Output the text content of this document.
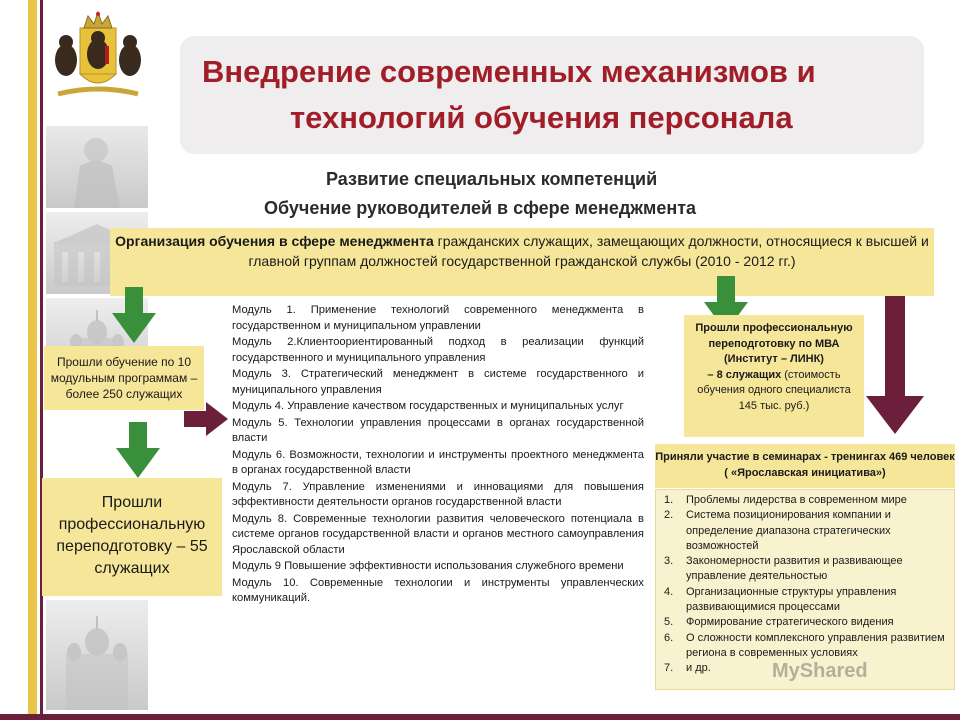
Внедрение современных механизмов и
технологий обучения персонала
Развитие специальных компетенций
Обучение руководителей в сфере менеджмента
Организация обучения в сфере менеджмента гражданских служащих, замещающих должности, относящиеся к высшей и главной группам должностей государственной гражданской службы (2010 - 2012 гг.)
Прошли обучение по 10 модульным программам – более 250 служащих
Прошли профессиональную переподготовку – 55 служащих
Модуль 1. Применение технологий современного менеджмента в государственном и муниципальном управлении
Модуль 2.Клиентоориентированный подход в реализации функций государственного и муниципального управления
Модуль 3. Стратегический менеджмент в системе государственного и муниципального управления
Модуль 4. Управление качеством государственных и муниципальных услуг
Модуль 5. Технологии управления процессами в органах государственной власти
Модуль 6. Возможности, технологии и инструменты проектного менеджмента в органах государственной власти
Модуль 7. Управление изменениями и инновациями для повышения эффективности деятельности органов государственной власти
Модуль 8. Современные технологии развития человеческого потенциала в системе органов государственной власти и органов местного самоуправления Ярославской области
Модуль 9 Повышение эффективности использования служебного времени
Модуль 10. Современные технологии и инструменты управленческих коммуникаций.
Прошли профессиональную переподготовку по МВА (Институт – ЛИНК)
– 8 служащих (стоимость обучения одного специалиста 145 тыс. руб.)
Приняли участие в семинарах - тренингах 469 человек ( «Ярославская инициатива»)
1.	Проблемы лидерства в современном мире
2.	Система позиционирования компании и определение диапазона стратегических возможностей
3.	Закономерности развития и развивающее управление деятельностью
4.	Организационные структуры управления развивающимися процессами
5.	Формирование стратегического видения
6.	О сложности комплексного управления развитием региона в современных условиях
7.	и др.	MyShared
